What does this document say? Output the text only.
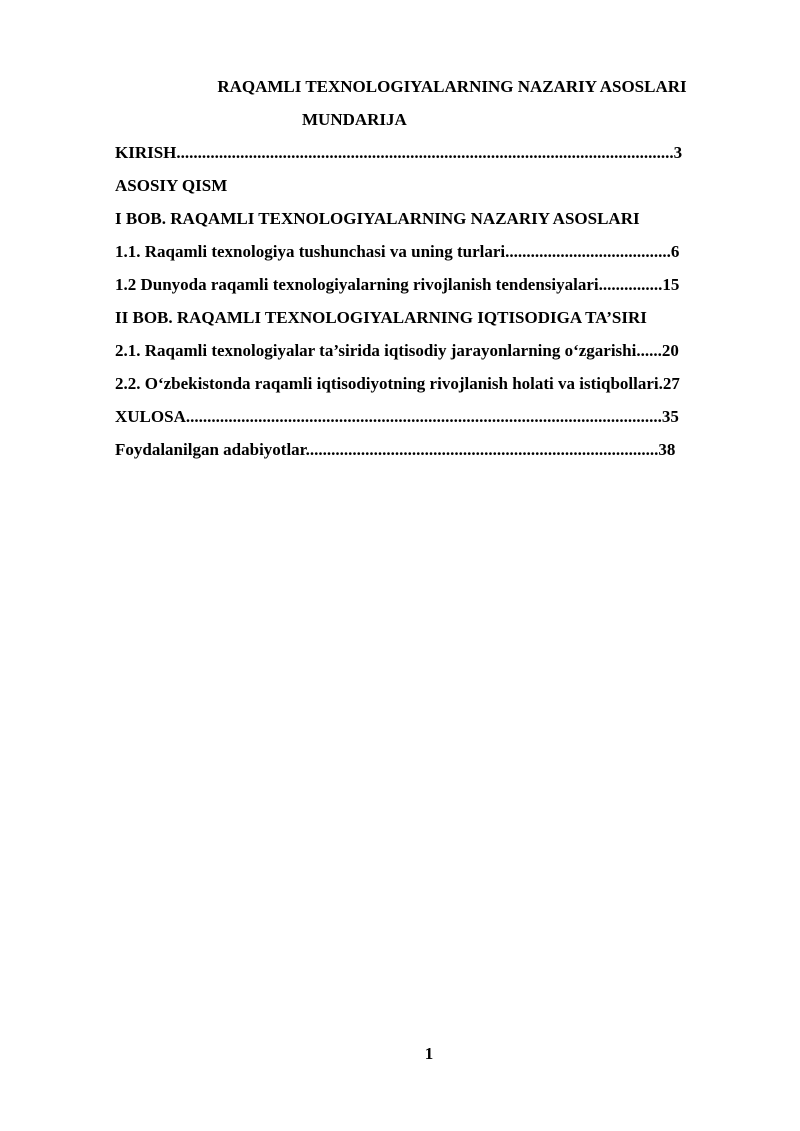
RAQAMLI TEXNOLOGIYALARNING NAZARIY ASOSLARI
MUNDARIJA
KIRISH.....................................................................................................................3
ASOSIY QISM
I BOB. RAQAMLI TEXNOLOGIYALARNING NAZARIY ASOSLARI
1.1. Raqamli texnologiya tushunchasi va uning turlari.......................................6
1.2 Dunyoda raqamli texnologiyalarning rivojlanish tendensiyalari...............15
II BOB. RAQAMLI TEXNOLOGIYALARNING IQTISODIGA TA’SIRI
2.1. Raqamli texnologiyalar ta’sirida iqtisodiy jarayonlarning o‘zgarishi......20
2.2. O‘zbekistonda raqamli iqtisodiyotning rivojlanish holati va istiqbollari.27
XULOSA................................................................................................................35
Foydalanilgan adabiyotlar...................................................................................38
1
